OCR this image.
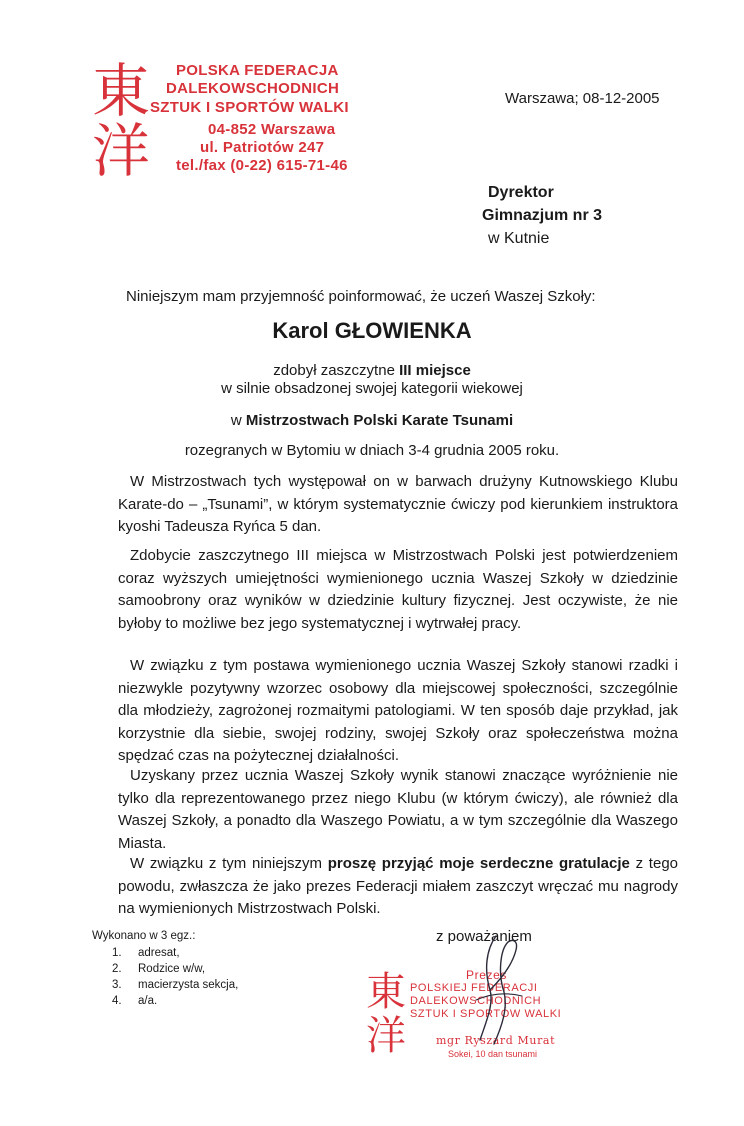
東
洋
POLSKA FEDERACJA
DALEKOWSCHODNICH
SZTUK I SPORTÓW WALKI
04-852 Warszawa
ul. Patriotów 247
tel./fax (0-22) 615-71-46
Warszawa; 08-12-2005
Dyrektor
Gimnazjum nr 3
w Kutnie
Niniejszym mam przyjemność poinformować, że uczeń Waszej Szkoły:
Karol GŁOWIENKA
zdobył zaszczytne III miejsce
w silnie obsadzonej swojej kategorii wiekowej
w Mistrzostwach Polski Karate Tsunami
rozegranych w Bytomiu w dniach 3-4 grudnia 2005 roku.

W Mistrzostwach tych występował on w barwach drużyny Kutnowskiego Klubu Karate-do – „Tsunami”, w którym systematycznie ćwiczy pod kierunkiem instruktora kyoshi Tadeusza Ryńca 5 dan.

Zdobycie zaszczytnego III miejsca w Mistrzostwach Polski jest potwierdzeniem coraz wyższych umiejętności wymienionego ucznia Waszej Szkoły w dziedzinie samoobrony oraz wyników w dziedzinie kultury fizycznej. Jest oczywiste, że nie byłoby to możliwe bez jego systematycznej i wytrwałej pracy.

W związku z tym postawa wymienionego ucznia Waszej Szkoły stanowi rzadki i niezwykle pozytywny wzorzec osobowy dla miejscowej społeczności, szczególnie dla młodzieży, zagrożonej rozmaitymi patologiami. W ten sposób daje przykład, jak korzystnie dla siebie, swojej rodziny, swojej Szkoły oraz społeczeństwa można spędzać czas na pożytecznej działalności.

Uzyskany przez ucznia Waszej Szkoły wynik stanowi znaczące wyróżnienie nie tylko dla reprezentowanego przez niego Klubu (w którym ćwiczy), ale również dla Waszej Szkoły, a ponadto dla Waszego Powiatu, a w tym szczególnie dla Waszego Miasta.

W związku z tym niniejszym proszę przyjąć moje serdeczne gratulacje z tego powodu, zwłaszcza że jako prezes Federacji miałem zaszczyt wręczać mu nagrody na wymienionych Mistrzostwach Polski.

Wykonano w 3 egz.:
1. adresat,
2. Rodzice w/w,
3. macierzysta sekcja,
4. a/a.
z poważaniem
東
洋
Prezes
POLSKIEJ FEDERACJI
DALEKOWSCHODNICH
SZTUK I SPORTÓW WALKI
mgr Ryszard Murat
Sokei, 10 dan tsunami
